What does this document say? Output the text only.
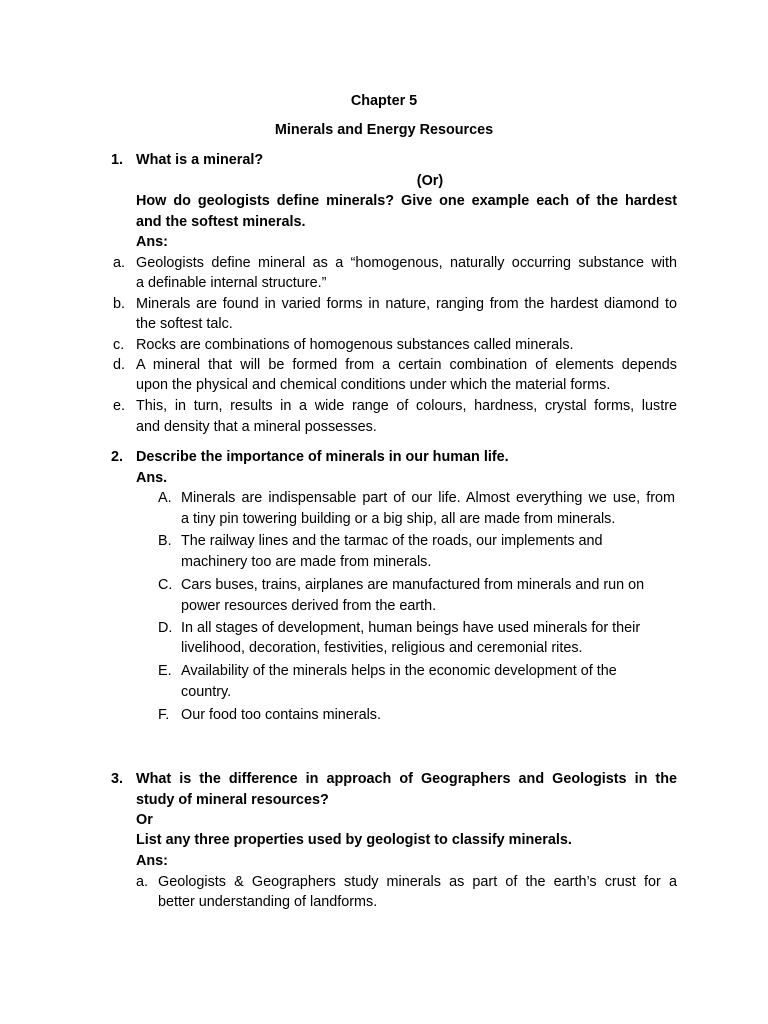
Chapter 5
Minerals and Energy Resources
1. What is a mineral?
(Or)
How do geologists define minerals? Give one example each of the hardest
and the softest minerals.
Ans:
a. Geologists define mineral as a “homogenous, naturally occurring substance with
a definable internal structure.”
b. Minerals are found in varied forms in nature, ranging from the hardest diamond to
the softest talc.
c. Rocks are combinations of homogenous substances called minerals.
d. A mineral that will be formed from a certain combination of elements depends
upon the physical and chemical conditions under which the material forms.
e. This, in turn, results in a wide range of colours, hardness, crystal forms, lustre
and density that a mineral possesses.
2. Describe the importance of minerals in our human life.
Ans.
A. Minerals are indispensable part of our life. Almost everything we use, from
a tiny pin towering building or a big ship, all are made from minerals.
B. The railway lines and the tarmac of the roads, our implements and
machinery too are made from minerals.
C. Cars buses, trains, airplanes are manufactured from minerals and run on
power resources derived from the earth.
D. In all stages of development, human beings have used minerals for their
livelihood, decoration, festivities, religious and ceremonial rites.
E. Availability of the minerals helps in the economic development of the
country.
F. Our food too contains minerals.
3. What is the difference in approach of Geographers and Geologists in the
study of mineral resources?
Or
List any three properties used by geologist to classify minerals.
Ans:
a. Geologists & Geographers study minerals as part of the earth’s crust for a
better understanding of landforms.
